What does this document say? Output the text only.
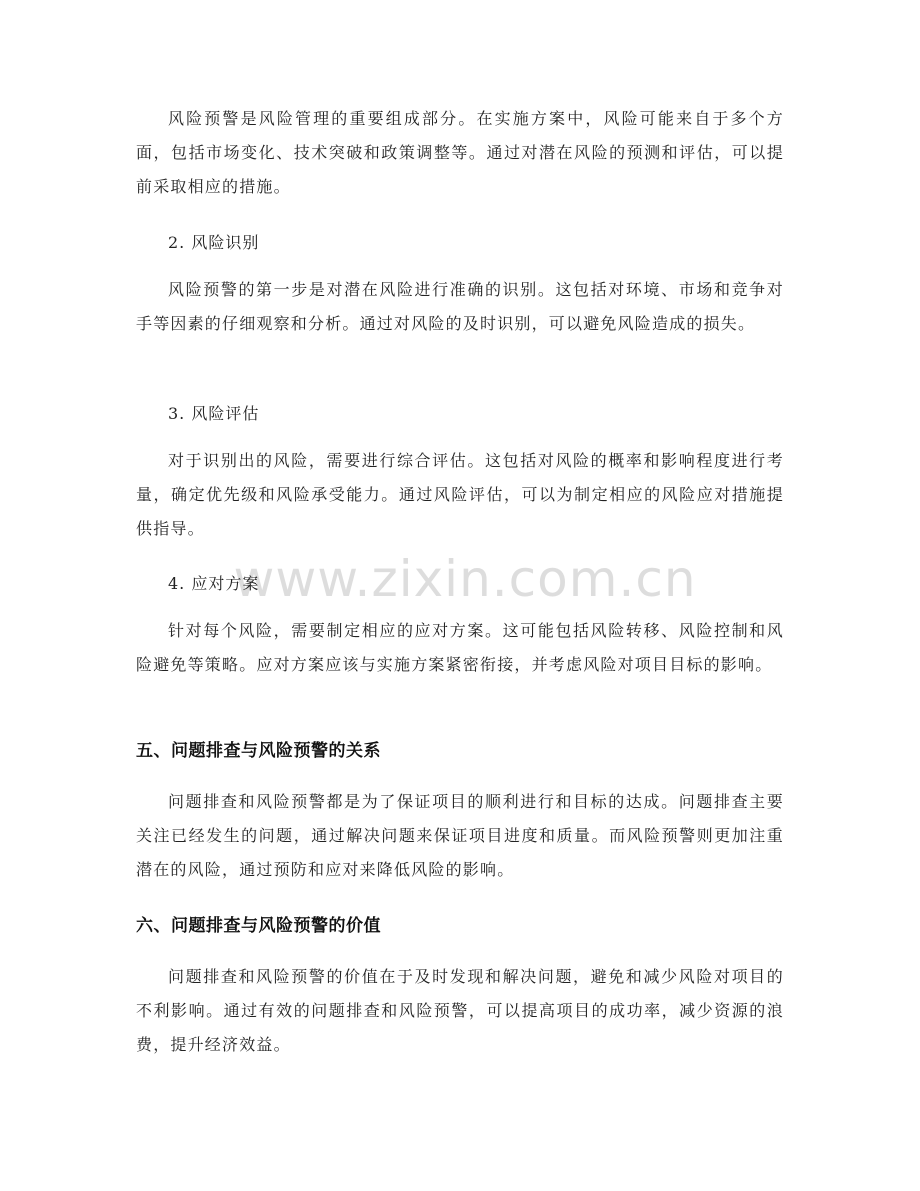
www.zixin.com.cn

风险预警是风险管理的重要组成部分。在实施方案中，风险可能来自于多个方面，包括市场变化、技术突破和政策调整等。通过对潜在风险的预测和评估，可以提前采取相应的措施。

2. 风险识别

风险预警的第一步是对潜在风险进行准确的识别。这包括对环境、市场和竞争对手等因素的仔细观察和分析。通过对风险的及时识别，可以避免风险造成的损失。

3. 风险评估

对于识别出的风险，需要进行综合评估。这包括对风险的概率和影响程度进行考量，确定优先级和风险承受能力。通过风险评估，可以为制定相应的风险应对措施提供指导。

4. 应对方案

针对每个风险，需要制定相应的应对方案。这可能包括风险转移、风险控制和风险避免等策略。应对方案应该与实施方案紧密衔接，并考虑风险对项目目标的影响。

五、问题排查与风险预警的关系

问题排查和风险预警都是为了保证项目的顺利进行和目标的达成。问题排查主要关注已经发生的问题，通过解决问题来保证项目进度和质量。而风险预警则更加注重潜在的风险，通过预防和应对来降低风险的影响。

六、问题排查与风险预警的价值

问题排查和风险预警的价值在于及时发现和解决问题，避免和减少风险对项目的不利影响。通过有效的问题排查和风险预警，可以提高项目的成功率，减少资源的浪费，提升经济效益。
